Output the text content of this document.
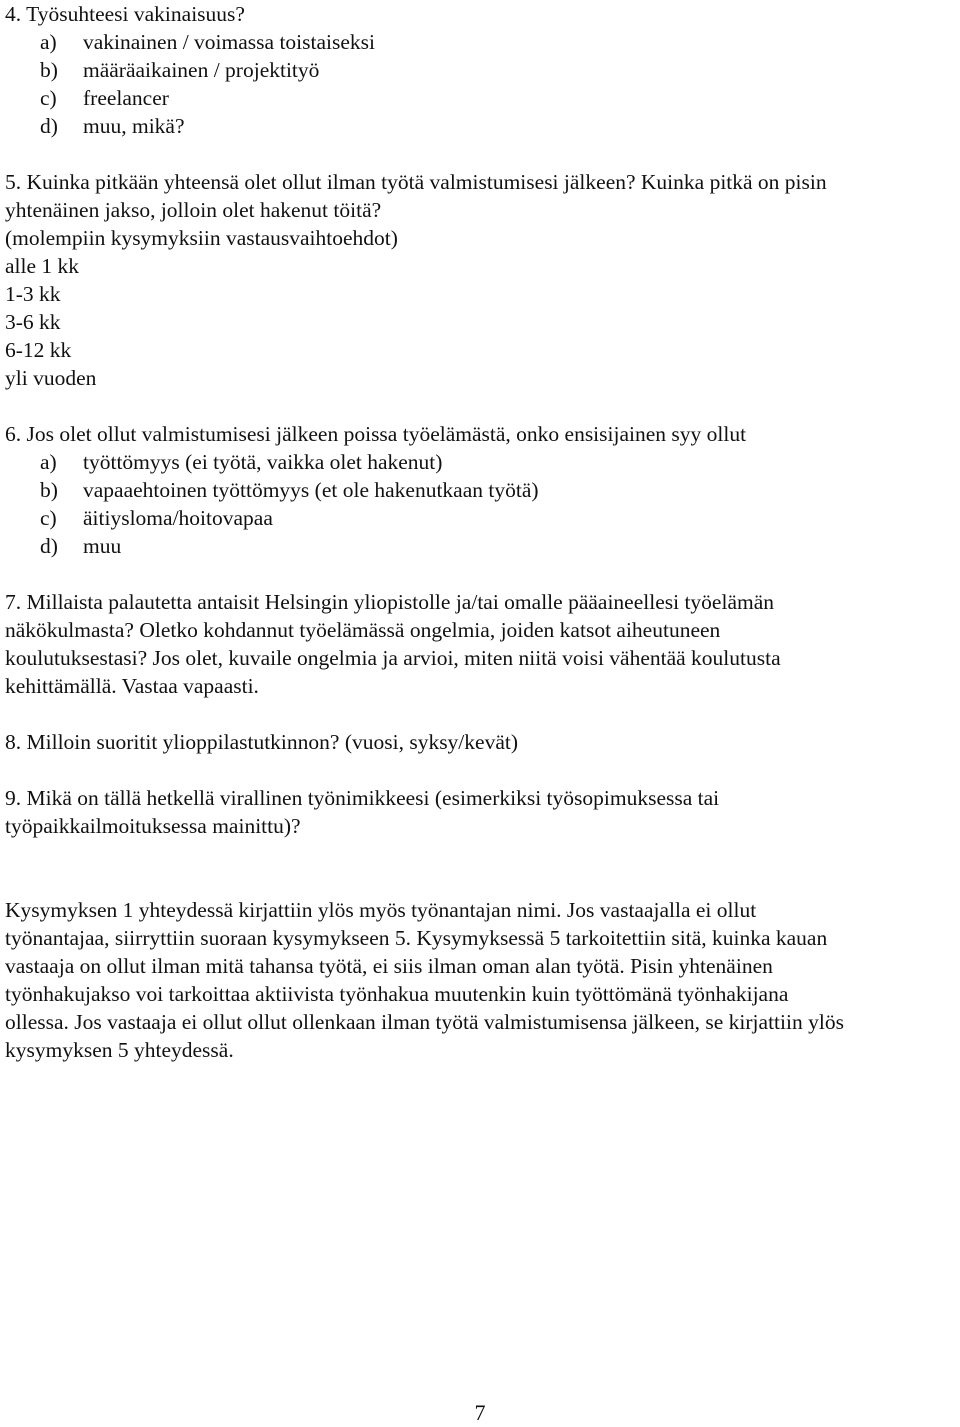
4. Työsuhteesi vakinaisuus?
a)	vakinainen / voimassa toistaiseksi
b)	määräaikainen / projektityö
c)	freelancer
d)	muu, mikä?
5. Kuinka pitkään yhteensä olet ollut ilman työtä valmistumisesi jälkeen? Kuinka pitkä on pisin
yhtenäinen jakso, jolloin olet hakenut töitä?
(molempiin kysymyksiin vastausvaihtoehdot)
alle 1 kk
1-3 kk
3-6 kk
6-12 kk
yli vuoden
6. Jos olet ollut valmistumisesi jälkeen poissa työelämästä, onko ensisijainen syy ollut
a)	työttömyys (ei työtä, vaikka olet hakenut)
b)	vapaaehtoinen työttömyys (et ole hakenutkaan työtä)
c)	äitiysloma/hoitovapaa
d)	muu
7. Millaista palautetta antaisit Helsingin yliopistolle ja/tai omalle pääaineellesi työelämän
näkökulmasta? Oletko kohdannut työelämässä ongelmia, joiden katsot aiheutuneen
koulutuksestasi? Jos olet, kuvaile ongelmia ja arvioi, miten niitä voisi vähentää koulutusta
kehittämällä. Vastaa vapaasti.
8. Milloin suoritit ylioppilastutkinnon? (vuosi, syksy/kevät)
9. Mikä on tällä hetkellä virallinen työnimikkeesi (esimerkiksi työsopimuksessa tai
työpaikkailmoituksessa mainittu)?
Kysymyksen 1 yhteydessä kirjattiin ylös myös työnantajan nimi. Jos vastaajalla ei ollut
työnantajaa, siirryttiin suoraan kysymykseen 5. Kysymyksessä 5 tarkoitettiin sitä, kuinka kauan
vastaaja on ollut ilman mitä tahansa työtä, ei siis ilman oman alan työtä. Pisin yhtenäinen
työnhakujakso voi tarkoittaa aktiivista työnhakua muutenkin kuin työttömänä työnhakijana
ollessa. Jos vastaaja ei ollut ollut ollenkaan ilman työtä valmistumisensa jälkeen, se kirjattiin ylös
kysymyksen 5 yhteydessä.
7
